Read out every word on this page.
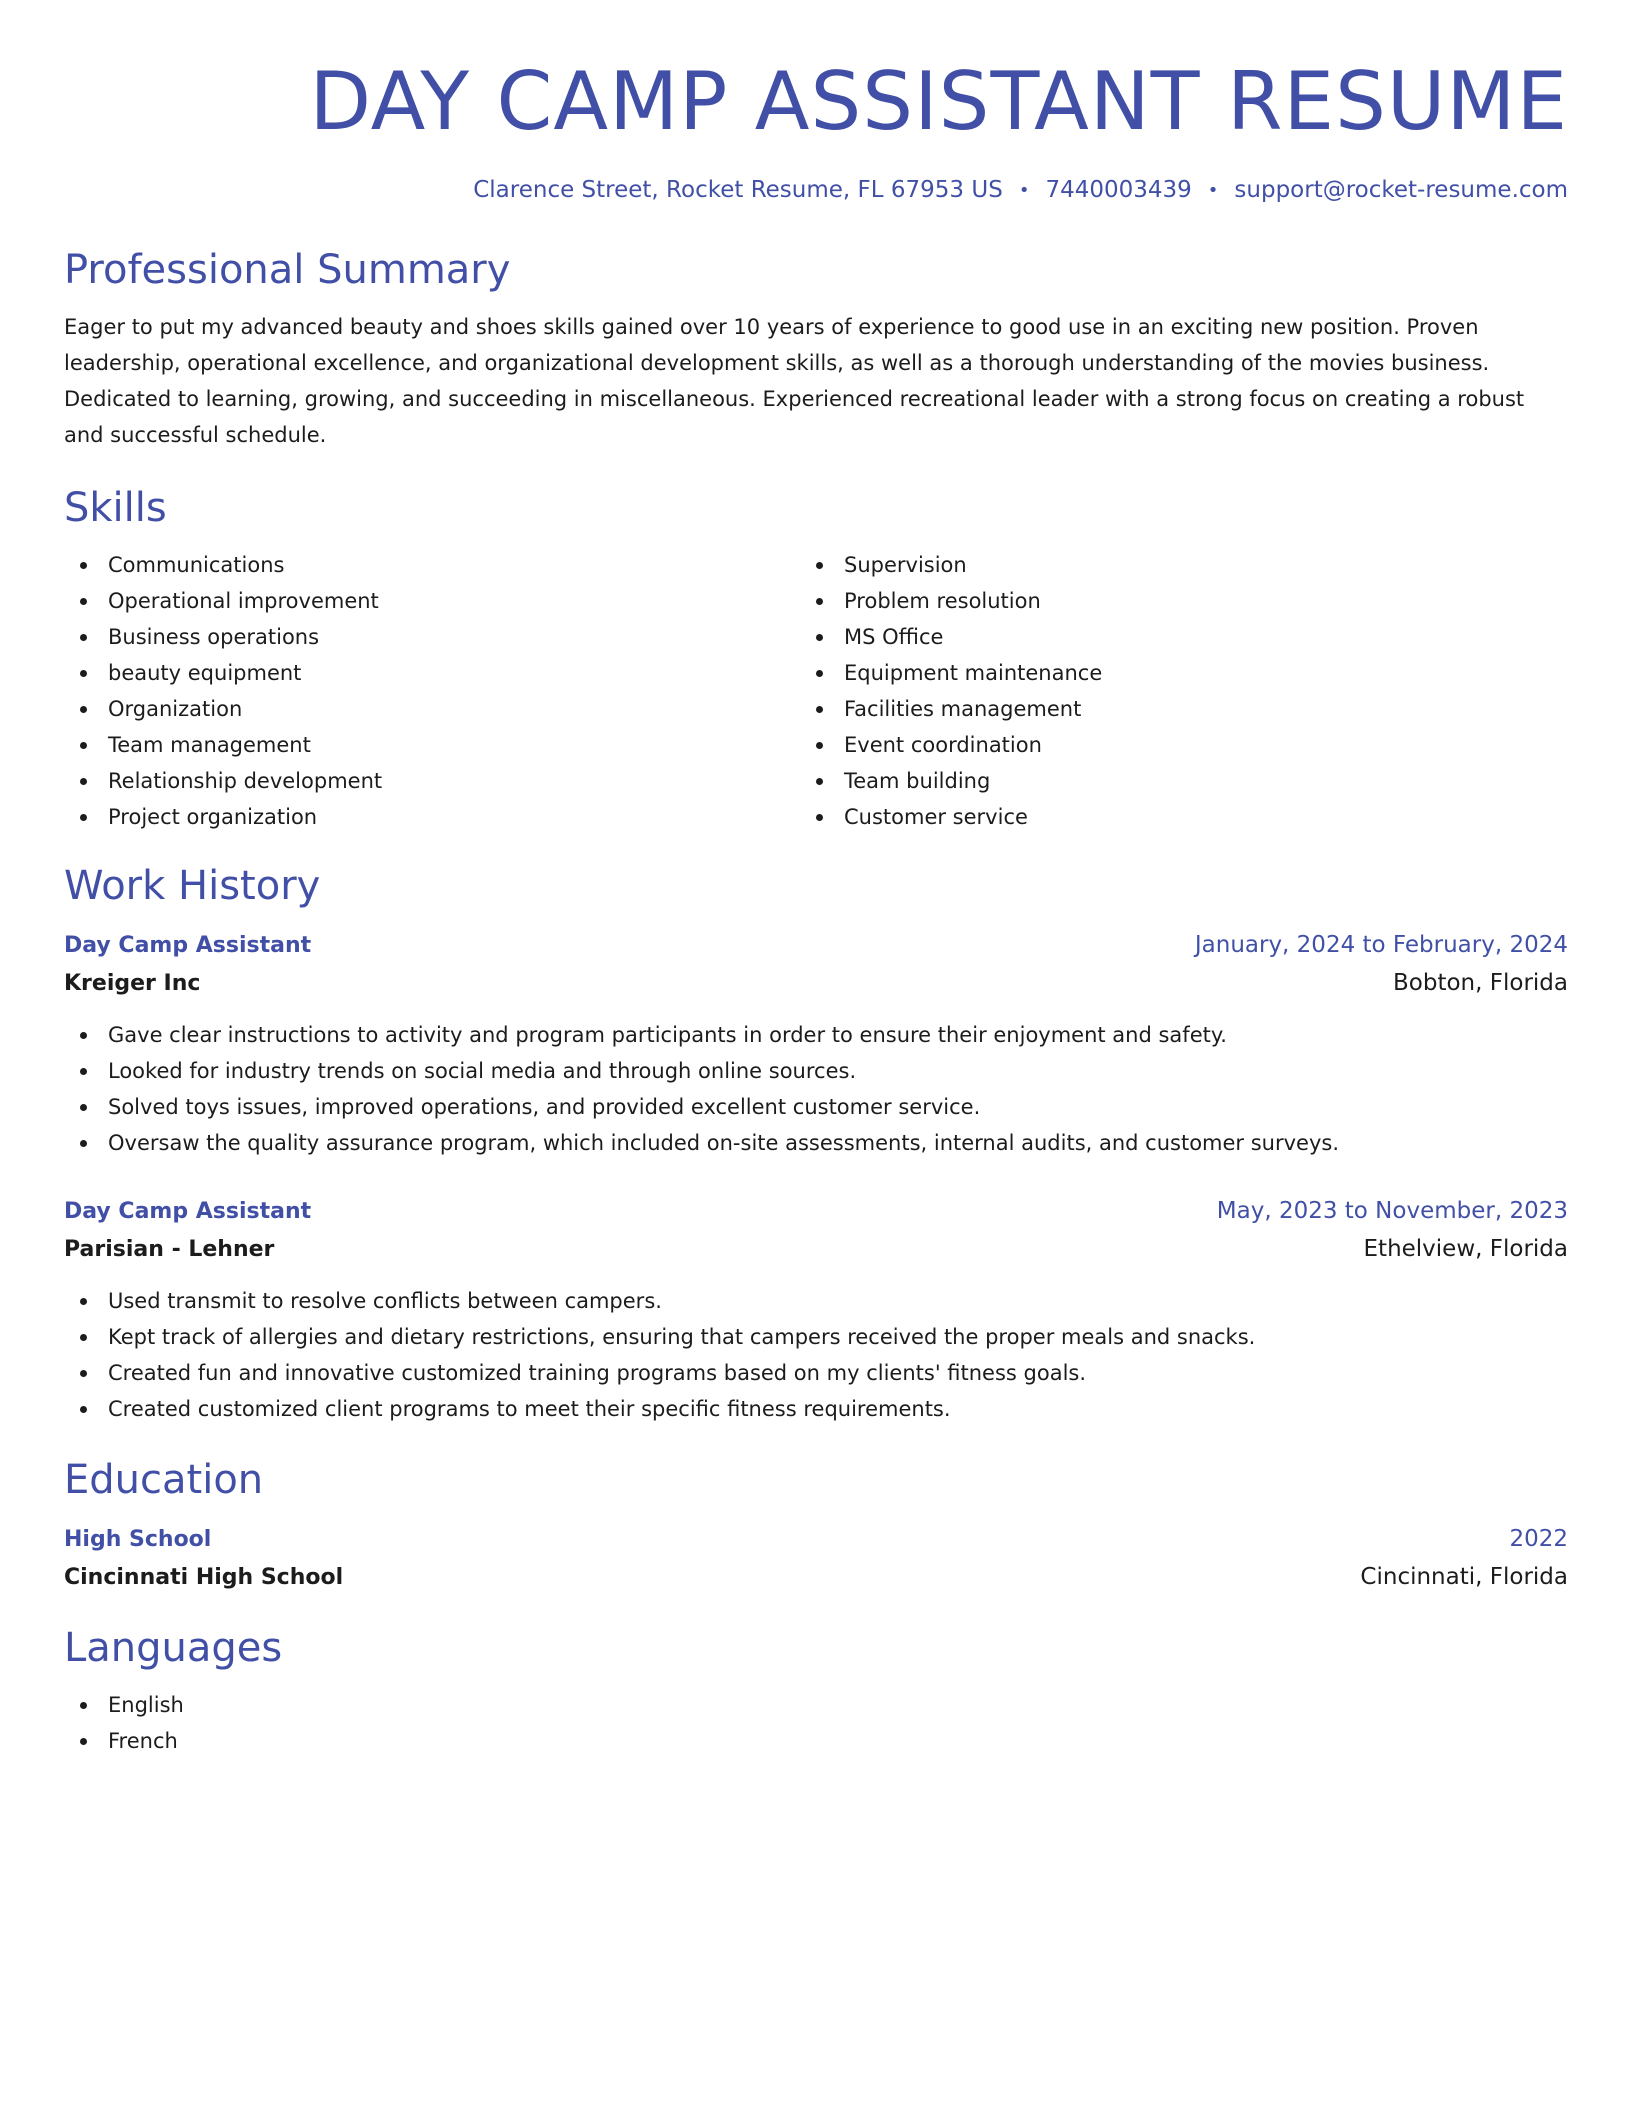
DAY CAMP ASSISTANT RESUME
Clarence Street, Rocket Resume, FL 67953 US • 7440003439 • support@rocket-resume.com
Professional Summary
Eager to put my advanced beauty and shoes skills gained over 10 years of experience to good use in an exciting new position. Proven leadership, operational excellence, and organizational development skills, as well as a thorough understanding of the movies business. Dedicated to learning, growing, and succeeding in miscellaneous. Experienced recreational leader with a strong focus on creating a robust and successful schedule.
Skills
Communications
Operational improvement
Business operations
beauty equipment
Organization
Team management
Relationship development
Project organization
Supervision
Problem resolution
MS Office
Equipment maintenance
Facilities management
Event coordination
Team building
Customer service
Work History
Day Camp Assistant	January, 2024 to February, 2024
Kreiger Inc	Bobton, Florida
Gave clear instructions to activity and program participants in order to ensure their enjoyment and safety.
Looked for industry trends on social media and through online sources.
Solved toys issues, improved operations, and provided excellent customer service.
Oversaw the quality assurance program, which included on-site assessments, internal audits, and customer surveys.
Day Camp Assistant	May, 2023 to November, 2023
Parisian - Lehner	Ethelview, Florida
Used transmit to resolve conflicts between campers.
Kept track of allergies and dietary restrictions, ensuring that campers received the proper meals and snacks.
Created fun and innovative customized training programs based on my clients' fitness goals.
Created customized client programs to meet their specific fitness requirements.
Education
High School	2022
Cincinnati High School	Cincinnati, Florida
Languages
English
French
